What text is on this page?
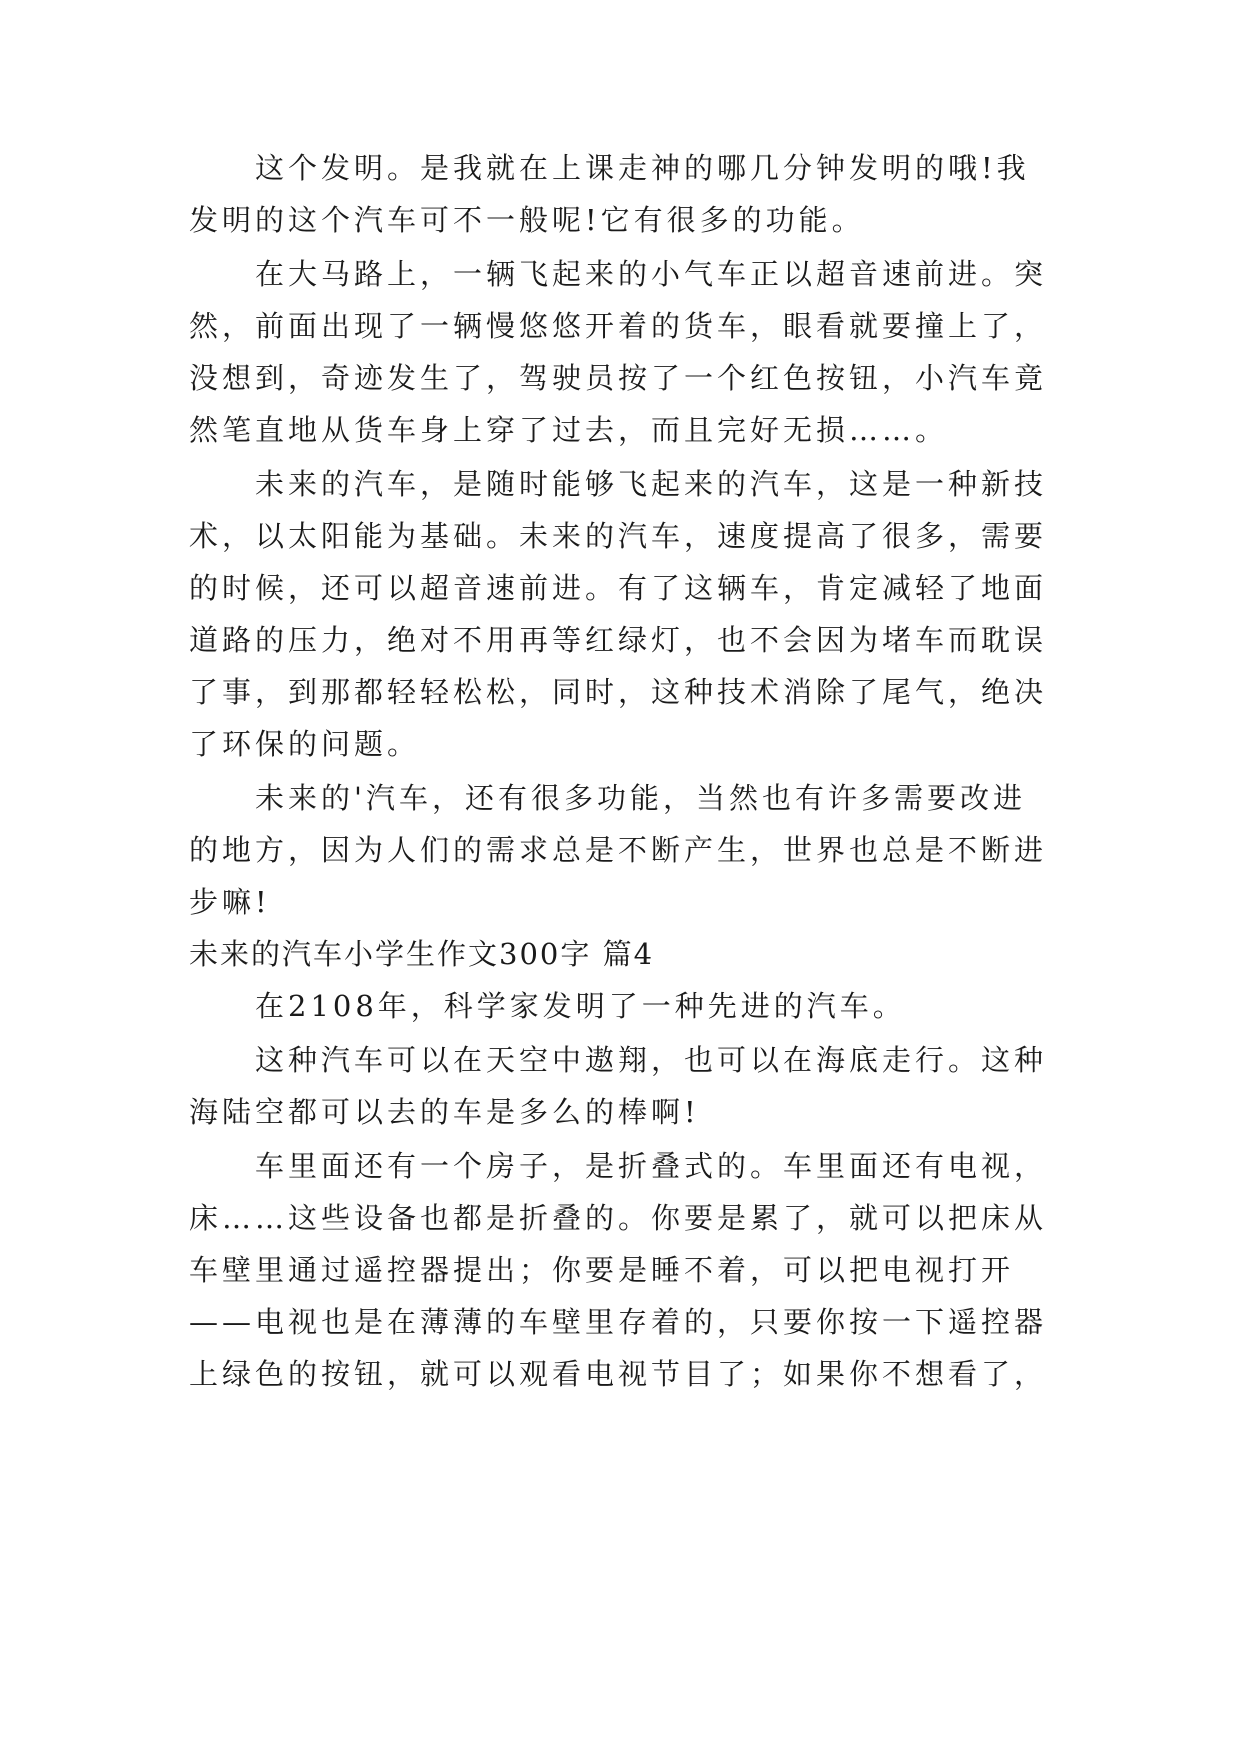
这个发明。是我就在上课走神的哪几分钟发明的哦!我
发明的这个汽车可不一般呢!它有很多的功能。
在大马路上，一辆飞起来的小气车正以超音速前进。突
然，前面出现了一辆慢悠悠开着的货车，眼看就要撞上了，
没想到，奇迹发生了，驾驶员按了一个红色按钮，小汽车竟
然笔直地从货车身上穿了过去，而且完好无损……。
未来的汽车，是随时能够飞起来的汽车，这是一种新技
术，以太阳能为基础。未来的汽车，速度提高了很多，需要
的时候，还可以超音速前进。有了这辆车，肯定减轻了地面
道路的压力，绝对不用再等红绿灯，也不会因为堵车而耽误
了事，到那都轻轻松松，同时，这种技术消除了尾气，绝决
了环保的问题。
未来的'汽车，还有很多功能，当然也有许多需要改进
的地方，因为人们的需求总是不断产生，世界也总是不断进
步嘛!
未来的汽车小学生作文300字 篇4
在2108年，科学家发明了一种先进的汽车。
这种汽车可以在天空中遨翔，也可以在海底走行。这种
海陆空都可以去的车是多么的棒啊!
车里面还有一个房子，是折叠式的。车里面还有电视，
床……这些设备也都是折叠的。你要是累了，就可以把床从
车壁里通过遥控器提出；你要是睡不着，可以把电视打开
——电视也是在薄薄的车壁里存着的，只要你按一下遥控器
上绿色的按钮，就可以观看电视节目了；如果你不想看了，
